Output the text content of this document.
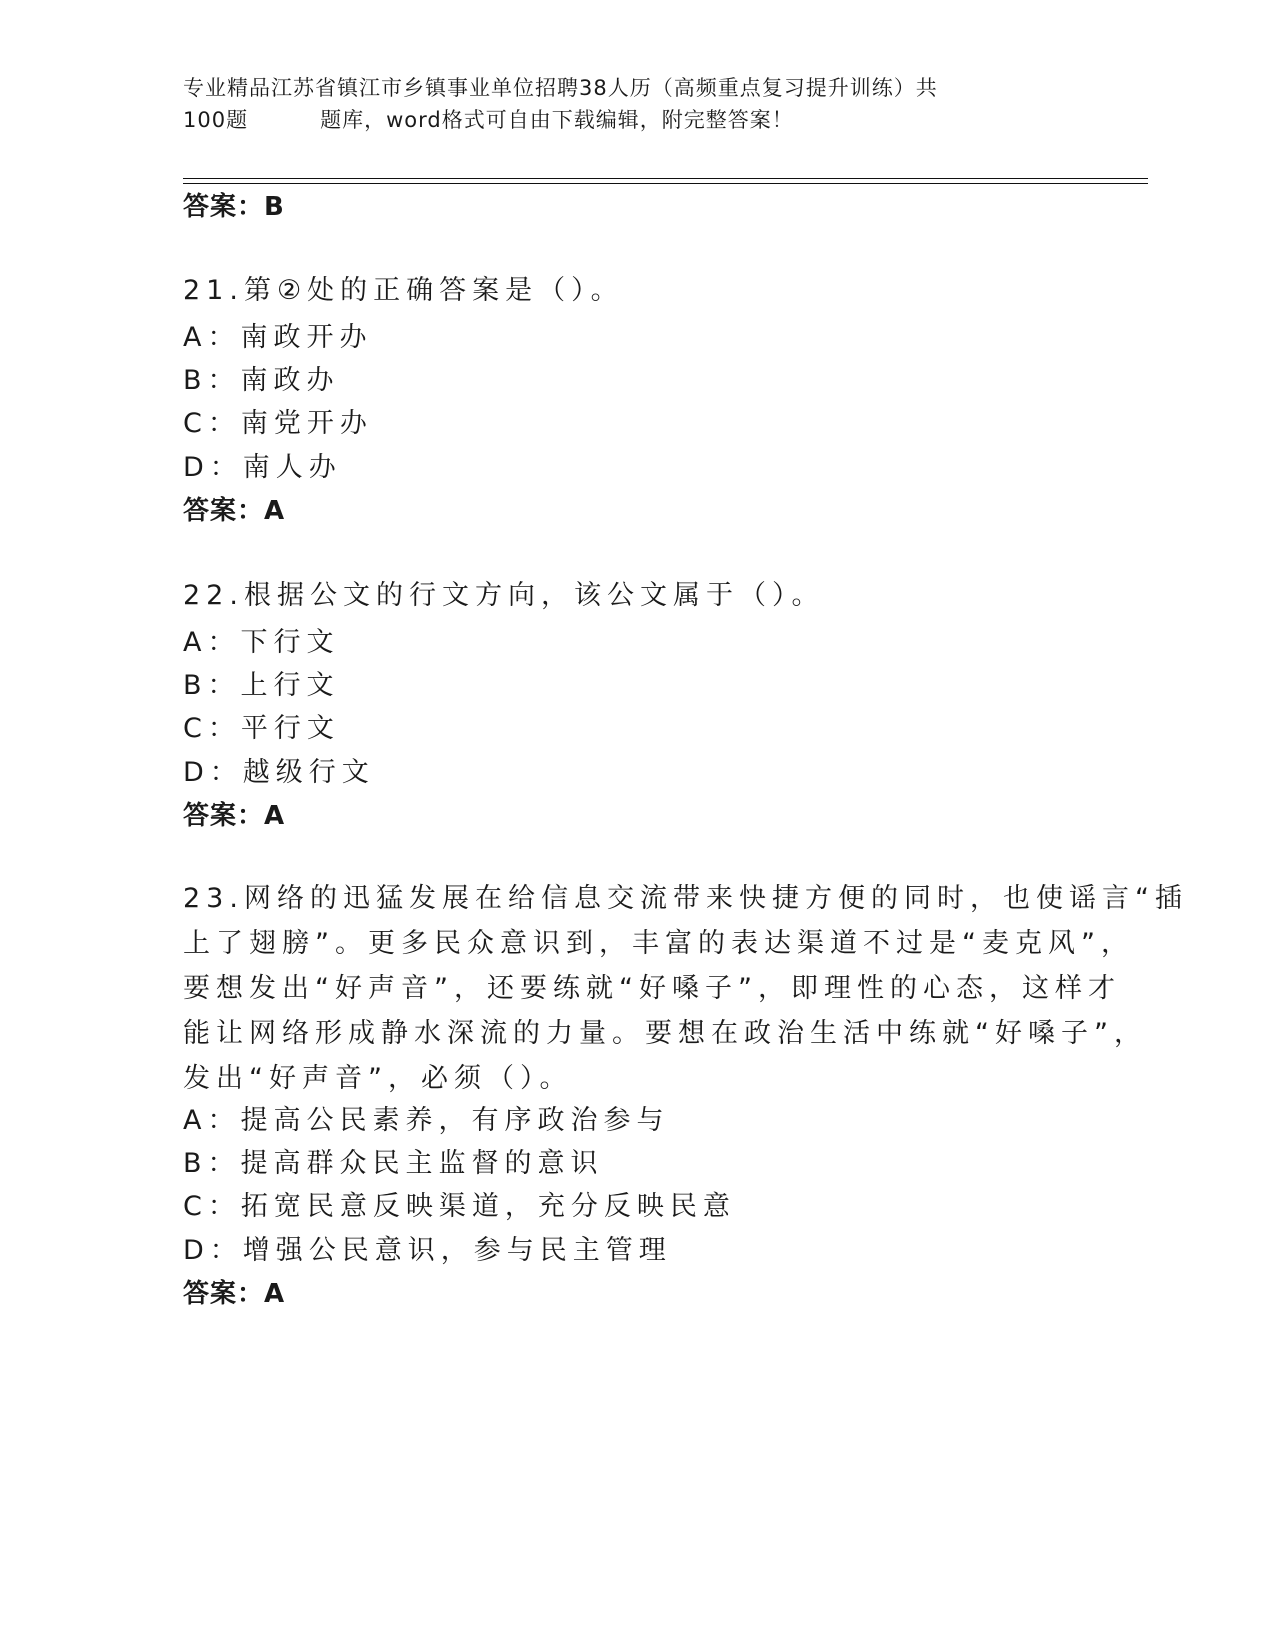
专业精品江苏省镇江市乡镇事业单位招聘38人历（高频重点复习提升训练）共
100题	题库，word格式可自由下载编辑，附完整答案！
答案：B
21.第②处的正确答案是（）。
A：南政开办
B：南政办
C：南党开办
D：南人办
答案：A
22.根据公文的行文方向，该公文属于（）。
A：下行文
B：上行文
C：平行文
D：越级行文
答案：A
23.网络的迅猛发展在给信息交流带来快捷方便的同时，也使谣言“插
上了翅膀”。更多民众意识到，丰富的表达渠道不过是“麦克风”，
要想发出“好声音”，还要练就“好嗓子”，即理性的心态，这样才
能让网络形成静水深流的力量。要想在政治生活中练就“好嗓子”，
发出“好声音”，必须（）。
A：提高公民素养，有序政治参与
B：提高群众民主监督的意识
C：拓宽民意反映渠道，充分反映民意
D：增强公民意识，参与民主管理
答案：A
